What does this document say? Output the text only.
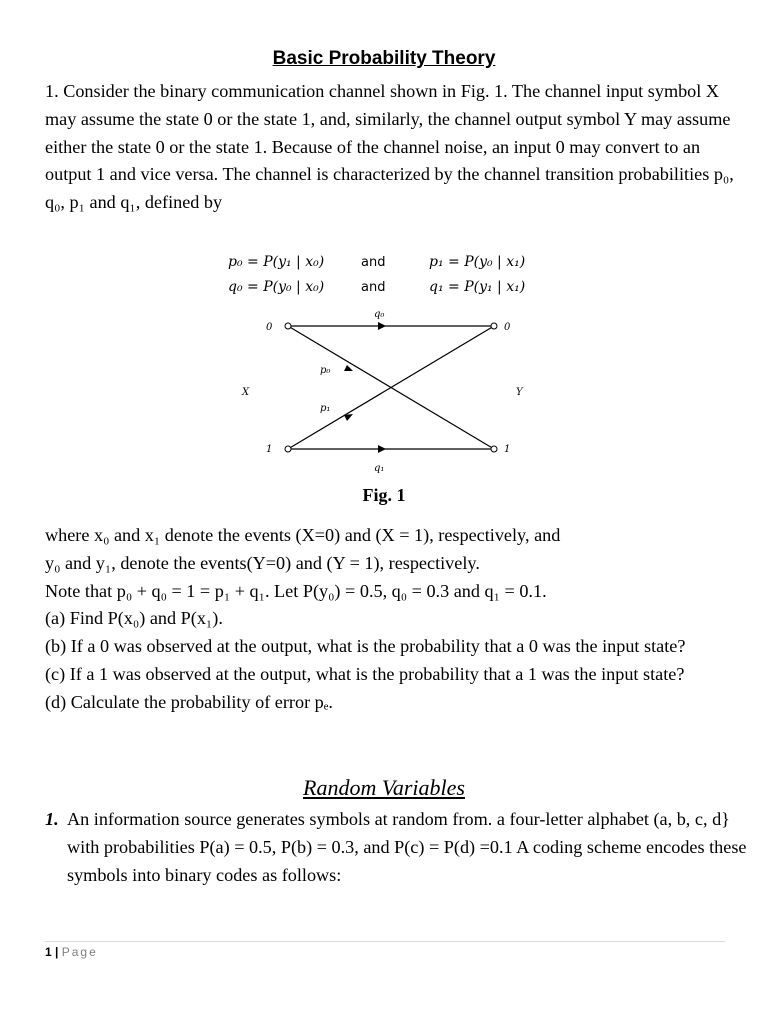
Basic Probability Theory

1. Consider the binary communication channel shown in Fig. 1. The channel input symbol X may assume the state 0 or the state 1, and, similarly, the channel output symbol Y may assume either the state 0 or the state 1. Because of the channel noise, an input 0 may convert to an output 1 and vice versa. The channel is characterized by the channel transition probabilities p₀, q₀, p₁ and q₁, defined by

p₀ = P(y₁ | x₀)	and	p₁ = P(y₀ | x₁)
q₀ = P(y₀ | x₀)	and	q₁ = P(y₁ | x₁)
0
1
0
1
X	Y
q₀
p₀
p₁
q₁
Fig. 1

where x₀ and x₁ denote the events (X=0) and (X = 1), respectively, and

y₀ and y₁, denote the events(Y=0) and (Y = 1), respectively.

Note that p₀ + q₀ = 1 = p₁ + q₁. Let P(y₀) = 0.5, q₀ = 0.3 and q₁ = 0.1.

(a) Find P(x₀) and P(x₁).

(b) If a 0 was observed at the output, what is the probability that a 0 was the input state?

(c) If a 1 was observed at the output, what is the probability that a 1 was the input state?

(d) Calculate the probability of error pₑ.

Random Variables
1. An information source generates symbols at random from. a four-letter alphabet (a, b, c, d} with probabilities P(a) = 0.5, P(b) = 0.3, and P(c) = P(d) =0.1 A coding scheme encodes these symbols into binary codes as follows:
1 | Page
